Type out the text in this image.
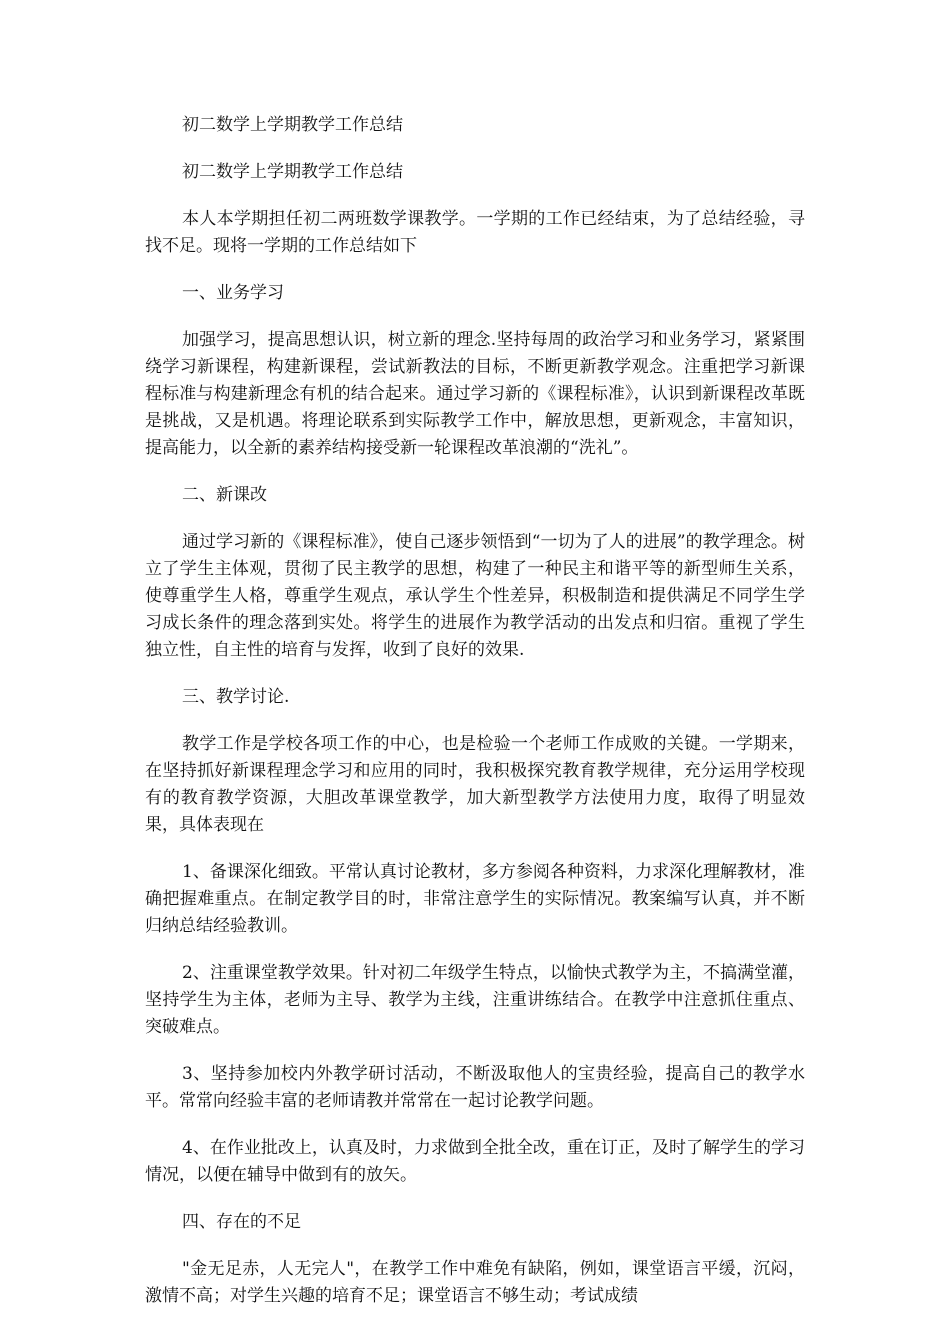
初二数学上学期教学工作总结

初二数学上学期教学工作总结

本人本学期担任初二两班数学课教学。一学期的工作已经结束，为了总结经验，寻找不足。现将一学期的工作总结如下

一、业务学习

加强学习，提高思想认识，树立新的理念.坚持每周的政治学习和业务学习，紧紧围绕学习新课程，构建新课程，尝试新教法的目标，不断更新教学观念。注重把学习新课程标准与构建新理念有机的结合起来。通过学习新的《课程标准》，认识到新课程改革既是挑战，又是机遇。将理论联系到实际教学工作中，解放思想，更新观念，丰富知识，提高能力，以全新的素养结构接受新一轮课程改革浪潮的“洗礼”。

二、新课改

通过学习新的《课程标准》，使自己逐步领悟到“一切为了人的进展”的教学理念。树立了学生主体观，贯彻了民主教学的思想，构建了一种民主和谐平等的新型师生关系，使尊重学生人格，尊重学生观点，承认学生个性差异，积极制造和提供满足不同学生学习成长条件的理念落到实处。将学生的进展作为教学活动的出发点和归宿。重视了学生独立性，自主性的培育与发挥，收到了良好的效果.

三、教学讨论.

教学工作是学校各项工作的中心，也是检验一个老师工作成败的关键。一学期来，在坚持抓好新课程理念学习和应用的同时，我积极探究教育教学规律，充分运用学校现有的教育教学资源，大胆改革课堂教学，加大新型教学方法使用力度，取得了明显效果，具体表现在

1、备课深化细致。平常认真讨论教材，多方参阅各种资料，力求深化理解教材，准确把握难重点。在制定教学目的时，非常注意学生的实际情况。教案编写认真，并不断归纳总结经验教训。

2、注重课堂教学效果。针对初二年级学生特点，以愉快式教学为主，不搞满堂灌，坚持学生为主体，老师为主导、教学为主线，注重讲练结合。在教学中注意抓住重点、突破难点。

3、坚持参加校内外教学研讨活动，不断汲取他人的宝贵经验，提高自己的教学水平。常常向经验丰富的老师请教并常常在一起讨论教学问题。

4、在作业批改上，认真及时，力求做到全批全改，重在订正，及时了解学生的学习情况，以便在辅导中做到有的放矢。

四、存在的不足

"金无足赤，人无完人"，在教学工作中难免有缺陷，例如，课堂语言平缓，沉闷，激情不高；对学生兴趣的培育不足；课堂语言不够生动；考试成绩
